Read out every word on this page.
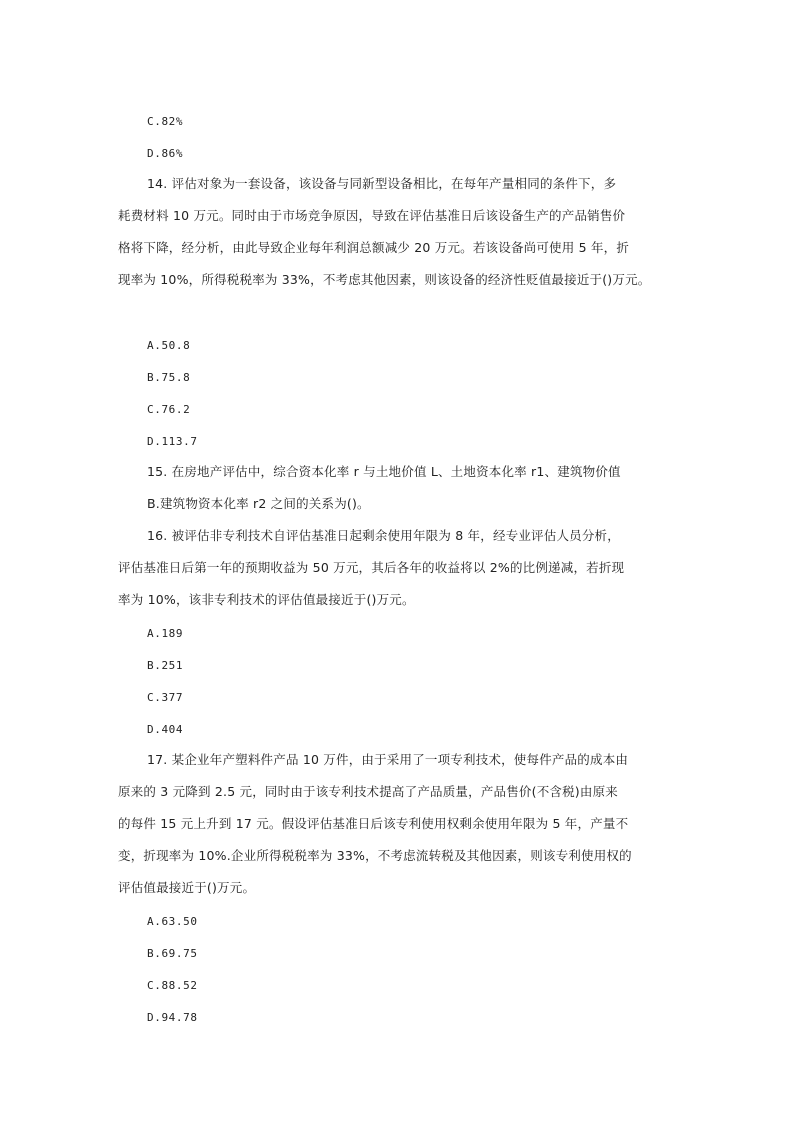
C.82%
D.86%
14. 评估对象为一套设备，该设备与同新型设备相比，在每年产量相同的条件下，多
耗费材料 10 万元。同时由于市场竞争原因，导致在评估基准日后该设备生产的产品销售价
格将下降，经分析，由此导致企业每年利润总额减少 20 万元。若该设备尚可使用 5 年，折
现率为 10%，所得税税率为 33%，不考虑其他因素，则该设备的经济性贬值最接近于()万元。
A.50.8
B.75.8
C.76.2
D.113.7
15. 在房地产评估中，综合资本化率 r 与土地价值 L、土地资本化率 r1、建筑物价值
B.建筑物资本化率 r2 之间的关系为()。
16. 被评估非专利技术自评估基准日起剩余使用年限为 8 年，经专业评估人员分析，
评估基准日后第一年的预期收益为 50 万元，其后各年的收益将以 2%的比例递减，若折现
率为 10%，该非专利技术的评估值最接近于()万元。
A.189
B.251
C.377
D.404
17. 某企业年产塑料件产品 10 万件，由于采用了一项专利技术，使每件产品的成本由
原来的 3 元降到 2.5 元，同时由于该专利技术提高了产品质量，产品售价(不含税)由原来
的每件 15 元上升到 17 元。假设评估基准日后该专利使用权剩余使用年限为 5 年，产量不
变，折现率为 10%.企业所得税税率为 33%，不考虑流转税及其他因素，则该专利使用权的
评估值最接近于()万元。
A.63.50
B.69.75
C.88.52
D.94.78
